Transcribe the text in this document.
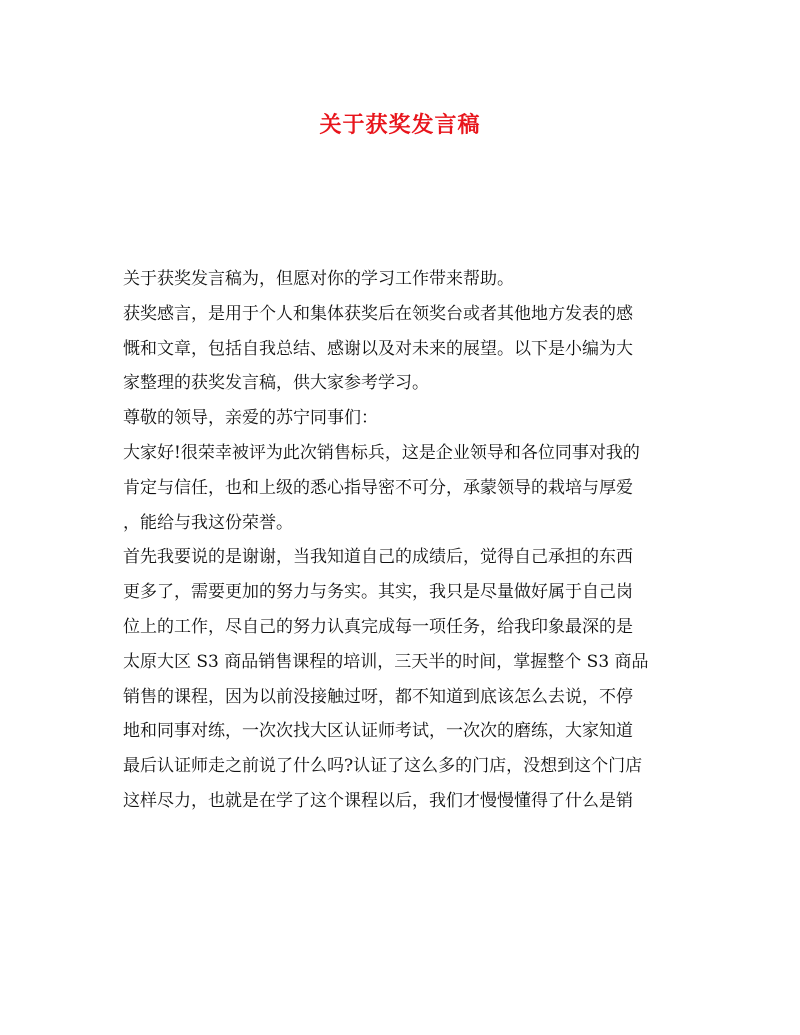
关于获奖发言稿
关于获奖发言稿为，但愿对你的学习工作带来帮助。
获奖感言，是用于个人和集体获奖后在领奖台或者其他地方发表的感
慨和文章，包括自我总结、感谢以及对未来的展望。以下是小编为大
家整理的获奖发言稿，供大家参考学习。
尊敬的领导，亲爱的苏宁同事们：
大家好!很荣幸被评为此次销售标兵，这是企业领导和各位同事对我的
肯定与信任，也和上级的悉心指导密不可分，承蒙领导的栽培与厚爱
，能给与我这份荣誉。
首先我要说的是谢谢，当我知道自己的成绩后，觉得自己承担的东西
更多了，需要更加的努力与务实。其实，我只是尽量做好属于自己岗
位上的工作，尽自己的努力认真完成每一项任务，给我印象最深的是
太原大区 S3 商品销售课程的培训，三天半的时间，掌握整个 S3 商品
销售的课程，因为以前没接触过呀，都不知道到底该怎么去说，不停
地和同事对练，一次次找大区认证师考试，一次次的磨练，大家知道
最后认证师走之前说了什么吗?认证了这么多的门店，没想到这个门店
这样尽力，也就是在学了这个课程以后，我们才慢慢懂得了什么是销
